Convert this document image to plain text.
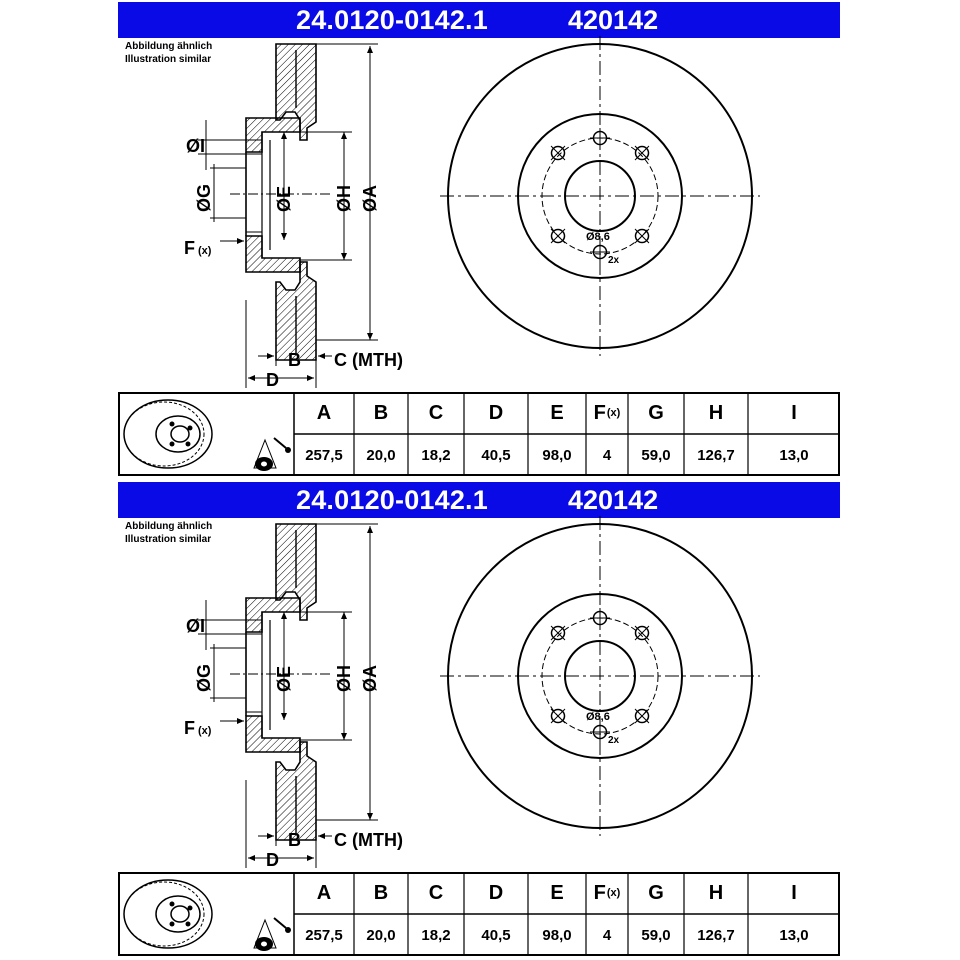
24.0120-0142.1	420142
Abbildung ähnlich
Illustration similar
ØI
ØG	ØE ØH ØA
F (x)
B C (MTH)
D
Ø8,6
2x
A	B	C	D	E	F (x)	G	H	I
257,5	20,0	18,2	40,5	98,0	4	59,0	126,7	13,0
24.0120-0142.1	420142
Abbildung ähnlich
Illustration similar
ØI
ØG	ØE ØH ØA
F (x)
B C (MTH)
D
Ø8,6
2x
A	B	C	D	E	F (x)	G	H	I
257,5	20,0	18,2	40,5	98,0	4	59,0	126,7	13,0
